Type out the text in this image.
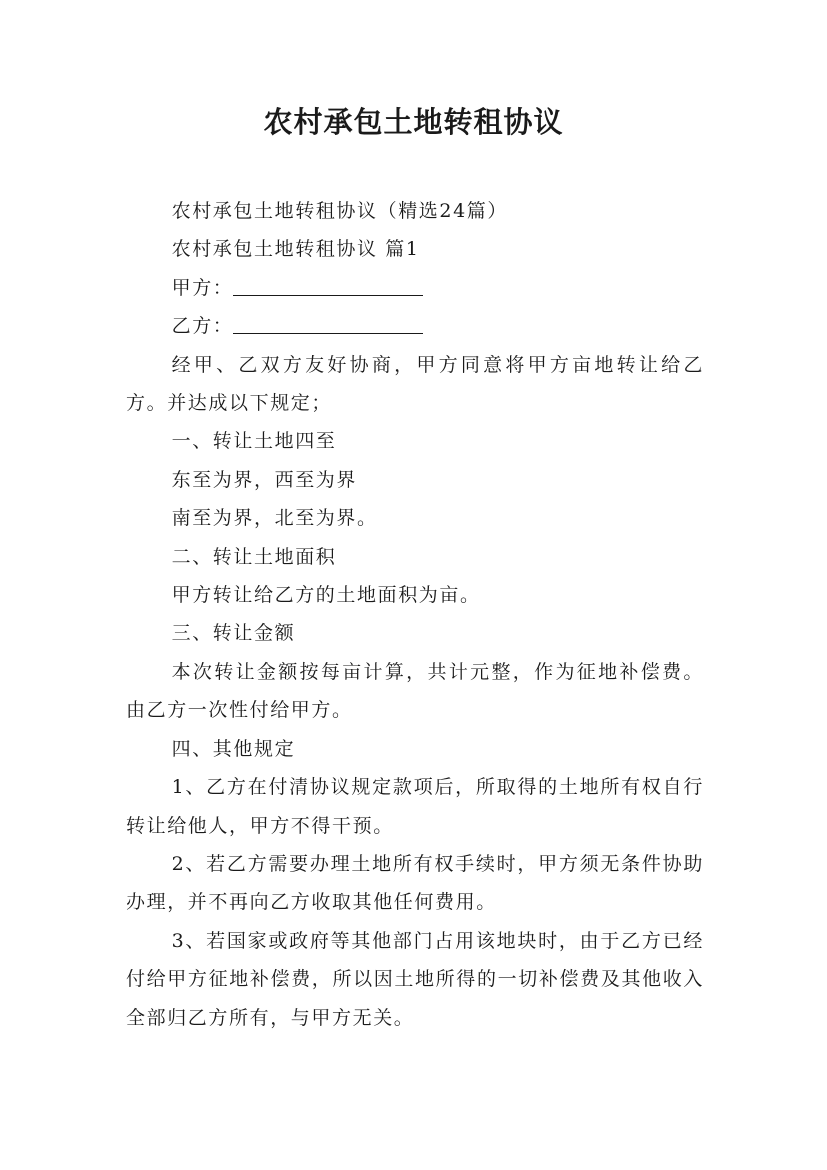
农村承包土地转租协议

农村承包土地转租协议（精选24篇）

农村承包土地转租协议 篇1

甲方：

乙方：

经甲、乙双方友好协商，甲方同意将甲方亩地转让给乙方。并达成以下规定；

一、转让土地四至

东至为界，西至为界

南至为界，北至为界。

二、转让土地面积

甲方转让给乙方的土地面积为亩。

三、转让金额

本次转让金额按每亩计算，共计元整，作为征地补偿费。由乙方一次性付给甲方。

四、其他规定

1、乙方在付清协议规定款项后，所取得的土地所有权自行转让给他人，甲方不得干预。

2、若乙方需要办理土地所有权手续时，甲方须无条件协助办理，并不再向乙方收取其他任何费用。

3、若国家或政府等其他部门占用该地块时，由于乙方已经付给甲方征地补偿费，所以因土地所得的一切补偿费及其他收入全部归乙方所有，与甲方无关。
